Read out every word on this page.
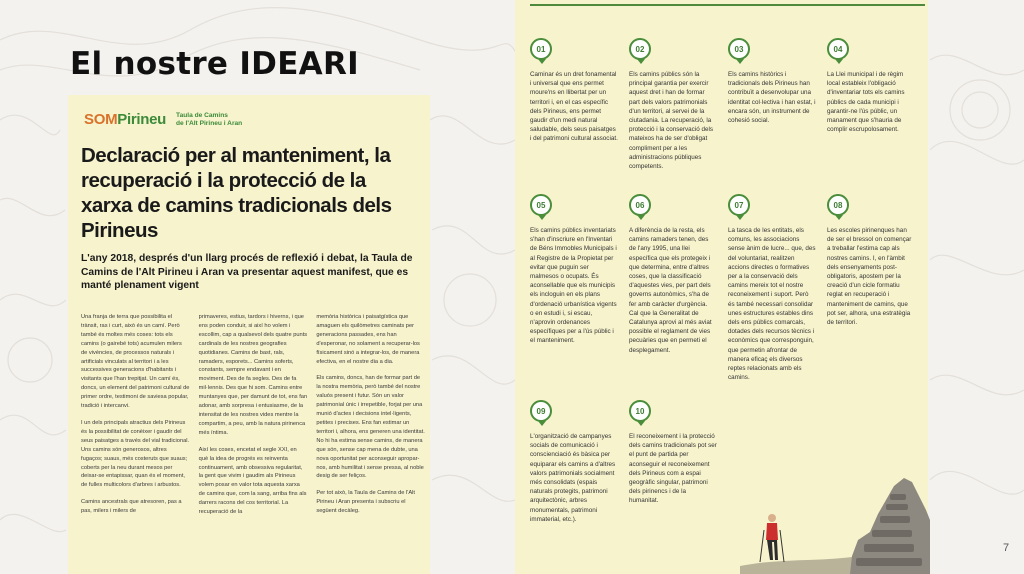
El nostre IDEARI
SOMPirineu Taula de Camins
de l'Alt Pirineu i Aran
Declaració per al manteniment, la recuperació i la protecció de la xarxa de camins tradicionals dels Pirineus
L'any 2018, després d'un llarg procés de reflexió i debat, la Taula de Camins de l'Alt Pirineu i Aran va presentar aquest manifest, que es manté plenament vigent

Una franja de terra que possibilita el trànsit, ras i curt, això és un camí. Però també és moltes més coses: tots els camins (o gairebé tots) acumulen milers de vivències, de processos naturals i artificials vinculats al territori i a les successives generacions d'habitants i visitants que l'han trepitjat. Un camí és, doncs, un element del patrimoni cultural de primer ordre, testimoni de saviesa popular, tradició i intercanvi.

I un dels principals atractius dels Pirineus és la possibilitat de conèixer i gaudir del seus paisatges a través del vial tradicional. Uns camins són generosos, altres fugaços; suaus, més costeruts que suaus; coberts per la neu durant mesos per deixar-se entapissar, quan és el moment, de fulles multicolors d'arbres i arbustos.

Camins ancestrals que atresoren, pas a pas, milers i milers de

primaveres, estius, tardors i hiverns, i que ens poden conduir, si així ho volem i escollim, cap a qualsevol dels quatre punts cardinals de les nostres geografies quotidianes. Camins de bast, rals, ramaders, esporets... Camins soferts, constants, sempre endavant i en moviment. Des de fa segles. Des de fa mil·lennis. Des que hi som. Camins entre muntanyes que, per damunt de tot, ens fan adonar, amb sorpresa i entusiasme, de la intensitat de les nostres vides mentre la compartim, a peu, amb la natura pirinenca més íntima.

Així les coses, encetat el segle XXI, en què la idea de progrés es reinventa continuament, amb obsessiva regularitat, la gent que vivim i gaudim als Pirineus volem posar en valor tota aquesta xarxa de camins que, com la sang, arriba fins als darrers racons del cos territorial. La recuperació de la

memòria històrica i paisatgística que amaguen els quilòmetres caminats per generacions passades, ens han d'esperonar, no solament a recuperar-los físicament sinó a integrar-los, de manera efectiva, en el nostre dia a dia.

Els camins, doncs, han de formar part de la nostra memòria, però també del nostre valuós present i futur. Són un valor patrimonial únic i irrepetible, forjat per una munió d'actes i decisions intel·ligents, petites i precises. Ens fan estimar un territori i, alhora, ens generen una identitat. No hi ha estima sense camins, de manera que són, sense cap mena de dubte, una nova oportunitat per aconseguir apropar-nos, amb humilitat i sense pressa, al noble desig de ser feliços.

Per tot això, la Taula de Camins de l'Alt Pirineu i Aran presenta i subscriu el següent decàleg.

01
Caminar és un dret fonamental i universal que ens permet moure'ns en llibertat per un territori i, en el cas específic dels Pirineus, ens permet gaudir d'un medi natural saludable, dels seus paisatges i del patrimoni cultural associat.
02
Els camins públics són la principal garantia per exercir aquest dret i han de formar part dels valors patrimonials d'un territori, al servei de la ciutadania. La recuperació, la protecció i la conservació dels mateixos ha de ser d'obligat compliment per a les administracions públiques competents.
03
Els camins històrics i tradicionals dels Pirineus han contribuït a desenvolupar una identitat col·lectiva i han estat, i encara són, un instrument de cohesió social.
04
La Llei municipal i de règim local estableix l'obligació d'inventariar tots els camins públics de cada municipi i garantir-ne l'ús públic, un manament que s'hauria de complir escrupolosament.
05
Els camins públics inventariats s'han d'inscriure en l'Inventari de Béns Immobles Municipals i al Registre de la Propietat per evitar que puguin ser malmesos o ocupats. És aconsellable que els municipis els incloguin en els plans d'ordenació urbanística vigents o en estudi i, si escau, n'aprovin ordenances específiques per a l'ús públic i el manteniment.
06
A diferència de la resta, els camins ramaders tenen, des de l'any 1995, una llei específica que els protegeix i que determina, entre d'altres coses, que la classificació d'aquestes vies, per part dels governs autonòmics, s'ha de fer amb caràcter d'urgència. Cal que la Generalitat de Catalunya aprovi al més aviat possible el reglament de vies pecuàries que en permeti el desplegament.
07
La tasca de les entitats, els comuns, les associacions sense ànim de lucre... que, des del voluntariat, realitzen accions directes o formatives per a la conservació dels camins mereix tot el nostre reconeixement i suport. Però és també necessari consolidar unes estructures estables dins dels ens públics comarcals, dotades dels recursos tècnics i econòmics que corresponguin, que permetin afrontar de manera eficaç els diversos reptes relacionats amb els camins.
08
Les escoles pirinenques han de ser el bressol on començar a treballar l'estima cap als nostres camins. I, en l'àmbit dels ensenyaments post-obligatoris, apostem per la creació d'un cicle formatiu reglat en recuperació i manteniment de camins, que pot ser, alhora, una estratègia de territori.
09
L'organització de campanyes socials de comunicació i conscienciació és bàsica per equiparar els camins a d'altres valors patrimonials socialment més consolidats (espais naturals protegits, patrimoni arquitectònic, arbres monumentals, patrimoni immaterial, etc.).
10
El reconeixement i la protecció dels camins tradicionals pot ser el punt de partida per aconseguir el reconeixement dels Pirineus com a espai geogràfic singular, patrimoni dels pirinencs i de la humanitat.
7
